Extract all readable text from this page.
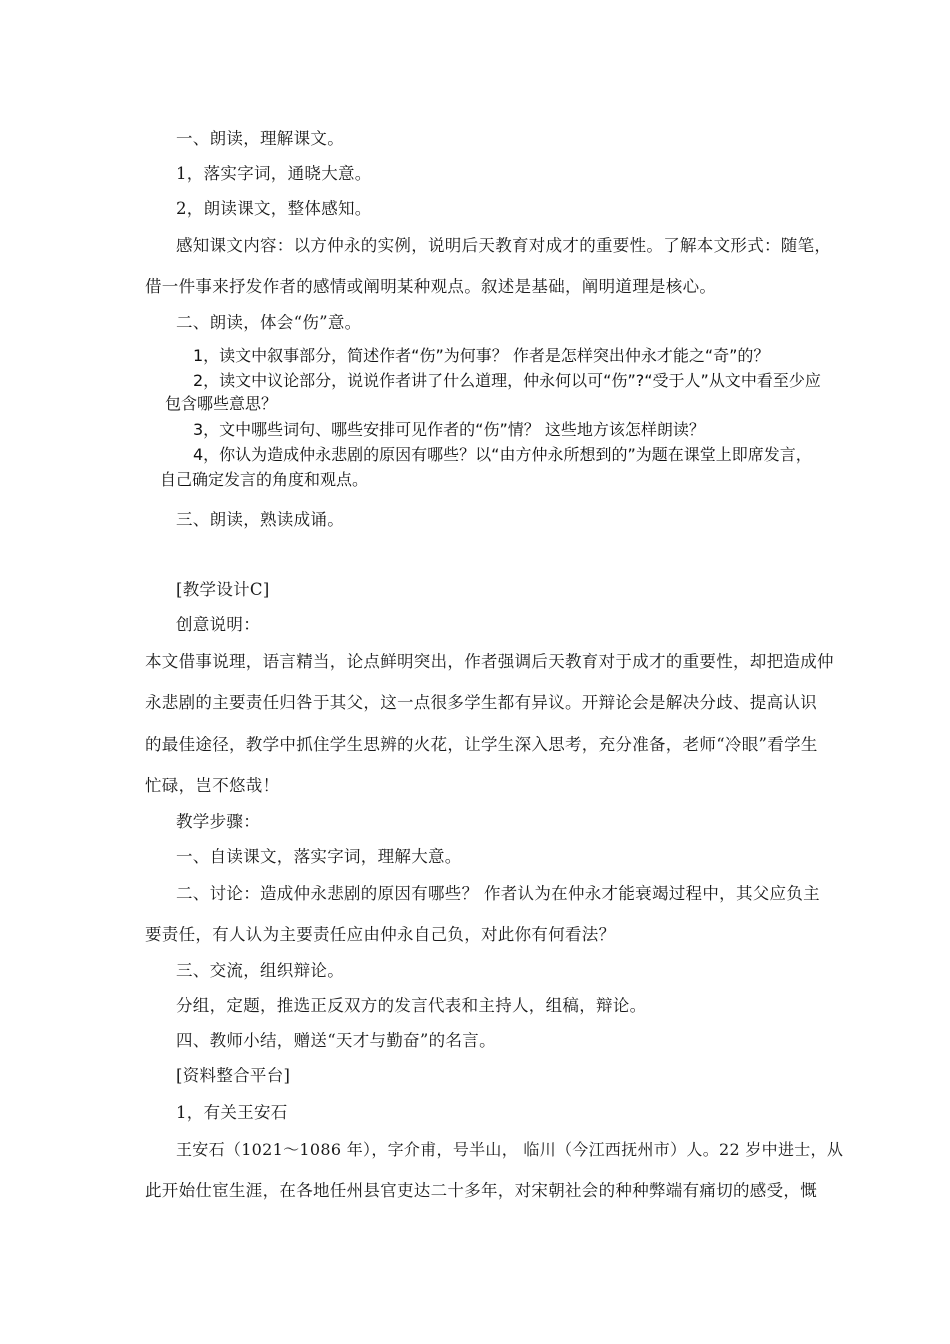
一、朗读，理解课文。
1，落实字词，通晓大意。
2，朗读课文，整体感知。
感知课文内容：以方仲永的实例，说明后天教育对成才的重要性。了解本文形式：随笔，
借一件事来抒发作者的感情或阐明某种观点。叙述是基础，阐明道理是核心。
二、朗读，体会“伤”意。
1，读文中叙事部分，简述作者“伤”为何事？ 作者是怎样突出仲永才能之“奇”的？
2，读文中议论部分，说说作者讲了什么道理，仲永何以可“伤”?“受于人”从文中看至少应
包含哪些意思？
3，文中哪些词句、哪些安排可见作者的“伤”情？ 这些地方该怎样朗读？
4，你认为造成仲永悲剧的原因有哪些？以“由方仲永所想到的”为题在课堂上即席发言，
自己确定发言的角度和观点。
三、朗读，熟读成诵。
[教学设计C]
创意说明：
本文借事说理，语言精当，论点鲜明突出，作者强调后天教育对于成才的重要性，却把造成仲
永悲剧的主要责任归咎于其父，这一点很多学生都有异议。开辩论会是解决分歧、提高认识
的最佳途径，教学中抓住学生思辨的火花，让学生深入思考，充分准备，老师“冷眼”看学生
忙碌，岂不悠哉！
教学步骤：
一、自读课文，落实字词，理解大意。
二、讨论：造成仲永悲剧的原因有哪些？ 作者认为在仲永才能衰竭过程中，其父应负主
要责任，有人认为主要责任应由仲永自己负，对此你有何看法？
三、交流，组织辩论。
分组，定题，推选正反双方的发言代表和主持人，组稿，辩论。
四、教师小结，赠送“天才与勤奋”的名言。
[资料整合平台]
1，有关王安石
王安石（1021～1086 年），字介甫，号半山， 临川（今江西抚州市）人。22 岁中进士，从
此开始仕宦生涯，在各地任州县官吏达二十多年，对宋朝社会的种种弊端有痛切的感受，慨
